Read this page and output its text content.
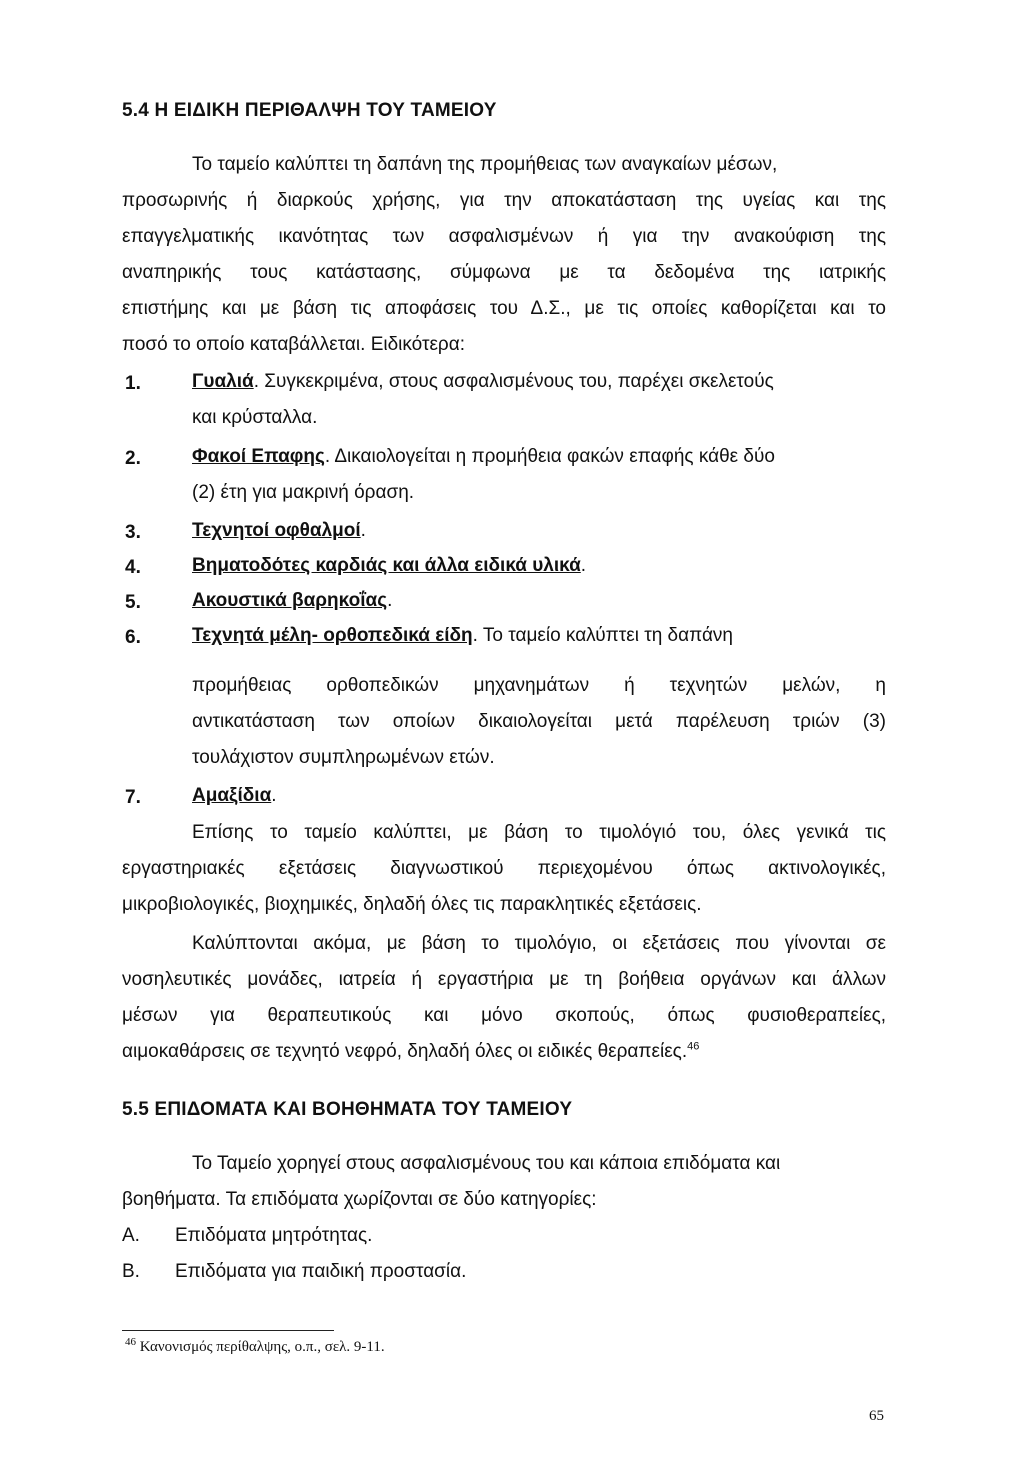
5.4 Η ΕΙΔΙΚΗ ΠΕΡΙΘΑΛΨΗ ΤΟΥ ΤΑΜΕΙΟΥ
Το ταμείο καλύπτει τη δαπάνη της προμήθειας των αναγκαίων μέσων,
προσωρινής ή διαρκούς χρήσης, για την αποκατάσταση της υγείας και της
επαγγελματικής ικανότητας των ασφαλισμένων ή για την ανακούφιση της
αναπηρικής τους κατάστασης, σύμφωνα με τα δεδομένα της ιατρικής
επιστήμης και με βάση τις αποφάσεις του Δ.Σ., με τις οποίες καθορίζεται και το
ποσό το οποίο καταβάλλεται. Ειδικότερα:
1.	Γυαλιά. Συγκεκριμένα, στους ασφαλισμένους του, παρέχει σκελετούς
και κρύσταλλα.
2.	Φακοί Επαφης. Δικαιολογείται η προμήθεια φακών επαφής κάθε δύο
(2) έτη για μακρινή όραση.
3.	Τεχνητοί οφθαλμοί.
4.	Βηματοδότες καρδιάς και άλλα ειδικά υλικά.
5.	Ακουστικά βαρηκοΐας.
6.	Τεχνητά μέλη- ορθοπεδικά είδη. Το ταμείο καλύπτει τη δαπάνη
προμήθειας ορθοπεδικών μηχανημάτων ή τεχνητών μελών, η
αντικατάσταση των οποίων δικαιολογείται μετά παρέλευση τριών (3)
τουλάχιστον συμπληρωμένων ετών.
7.	Αμαξίδια.
Επίσης το ταμείο καλύπτει, με βάση το τιμολόγιό του, όλες γενικά τις
εργαστηριακές εξετάσεις διαγνωστικού περιεχομένου όπως ακτινολογικές,
μικροβιολογικές, βιοχημικές, δηλαδή όλες τις παρακλητικές εξετάσεις.
Καλύπτονται ακόμα, με βάση το τιμολόγιο, οι εξετάσεις που γίνονται σε
νοσηλευτικές μονάδες, ιατρεία ή εργαστήρια με τη βοήθεια οργάνων και άλλων
μέσων για θεραπευτικούς και μόνο σκοπούς, όπως φυσιοθεραπείες,
αιμοκαθάρσεις σε τεχνητό νεφρό, δηλαδή όλες οι ειδικές θεραπείες.$^{46}$
5.5 ΕΠΙΔΟΜΑΤΑ ΚΑΙ ΒΟΗΘΗΜΑΤΑ ΤΟΥ ΤΑΜΕΙΟΥ
Το Ταμείο χορηγεί στους ασφαλισμένους του και κάποια επιδόματα και
βοηθήματα. Τα επιδόματα χωρίζονται σε δύο κατηγορίες:
Α. Επιδόματα μητρότητας.
Β. Επιδόματα για παιδική προστασία.
$^{46}$ Κανονισμός περίθαλψης, ο.π., σελ. 9-11.
65
